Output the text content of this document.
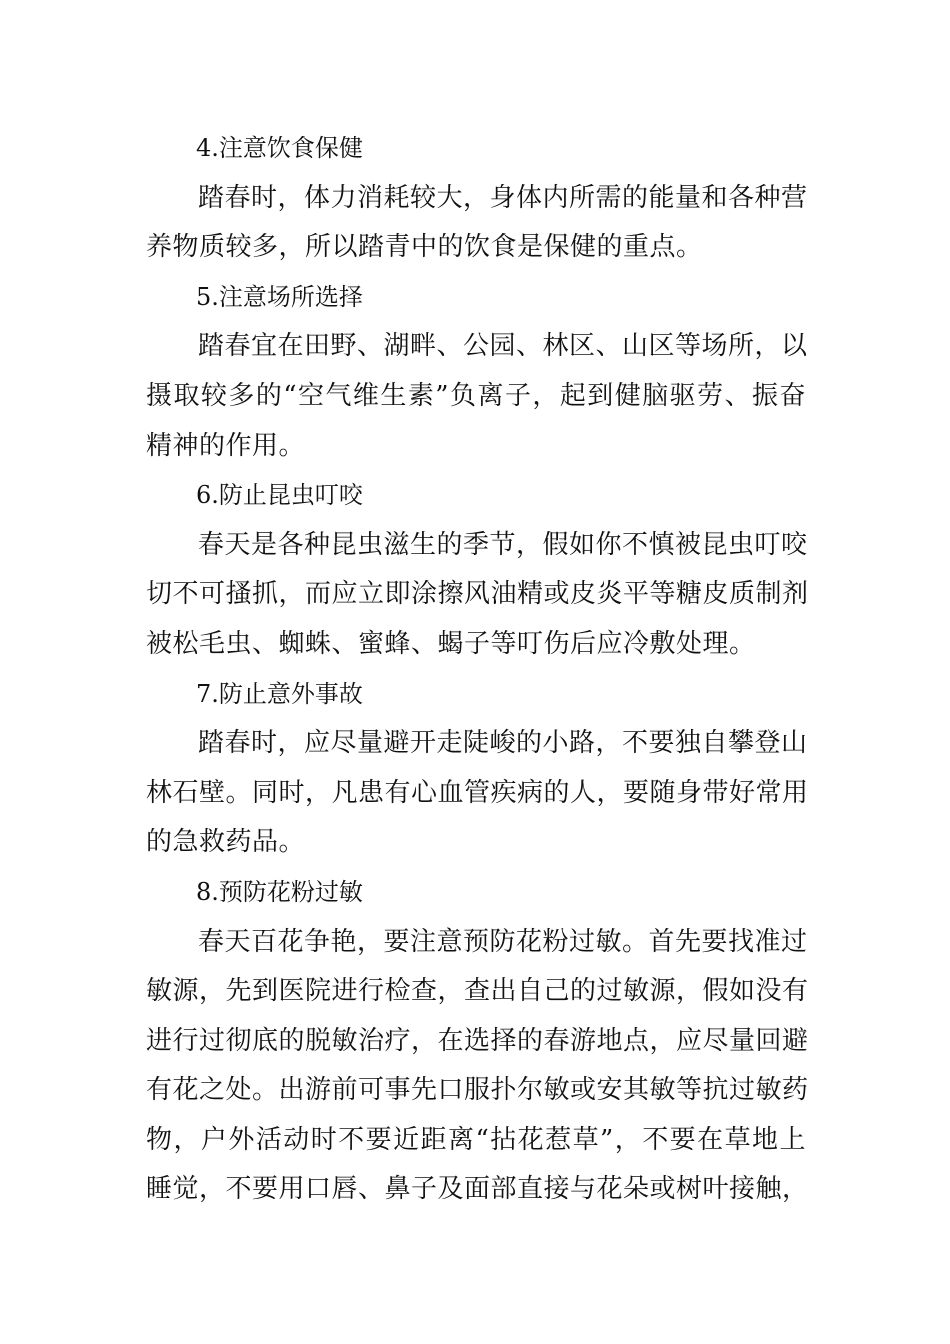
4.注意饮食保健
踏春时，体力消耗较大，身体内所需的能量和各种营
养物质较多，所以踏青中的饮食是保健的重点。
5.注意场所选择
踏春宜在田野、湖畔、公园、林区、山区等场所，以
摄取较多的“空气维生素”负离子，起到健脑驱劳、振奋
精神的作用。
6.防止昆虫叮咬
春天是各种昆虫滋生的季节，假如你不慎被昆虫叮咬
切不可搔抓，而应立即涂擦风油精或皮炎平等糖皮质制剂
被松毛虫、蜘蛛、蜜蜂、蝎子等叮伤后应冷敷处理。
7.防止意外事故
踏春时，应尽量避开走陡峻的小路，不要独自攀登山
林石壁。同时，凡患有心血管疾病的人，要随身带好常用
的急救药品。
8.预防花粉过敏
春天百花争艳，要注意预防花粉过敏。首先要找准过
敏源，先到医院进行检查，查出自己的过敏源，假如没有
进行过彻底的脱敏治疗，在选择的春游地点，应尽量回避
有花之处。出游前可事先口服扑尔敏或安其敏等抗过敏药
物，户外活动时不要近距离“拈花惹草”，不要在草地上
睡觉，不要用口唇、鼻子及面部直接与花朵或树叶接触，
